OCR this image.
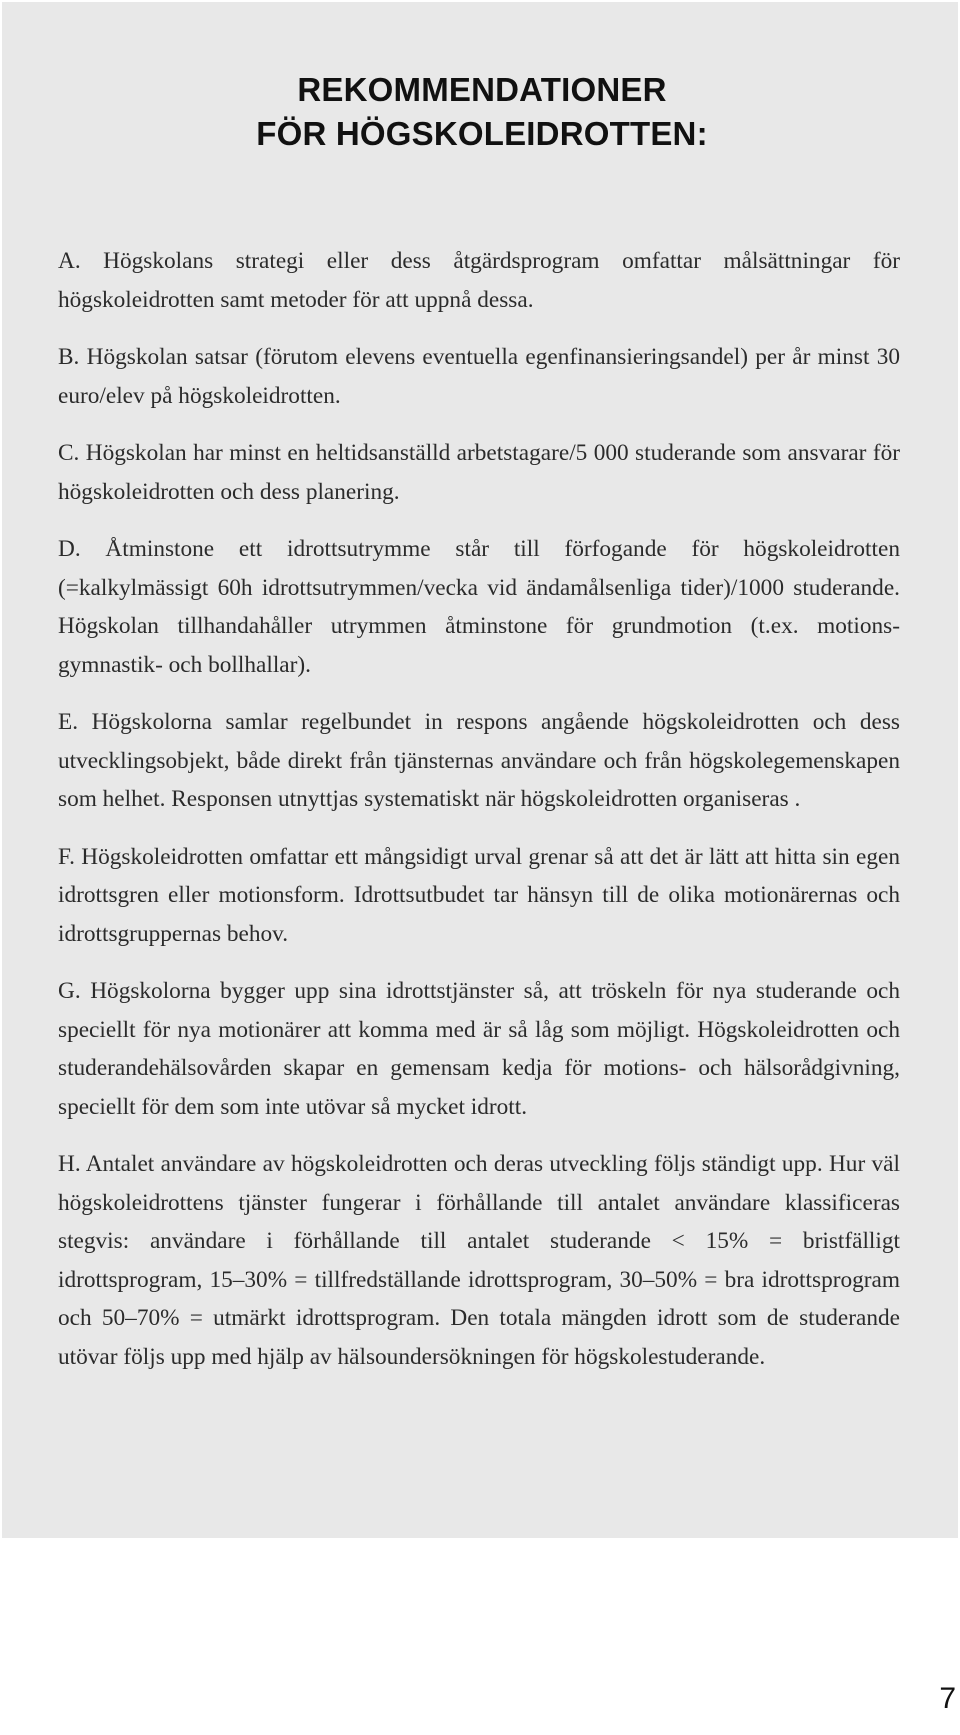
REKOMMENDATIONER
FÖR HÖGSKOLEIDROTTEN:

A. Högskolans strategi eller dess åtgärdsprogram omfattar målsättningar för högskoleidrotten samt metoder för att uppnå dessa.

B. Högskolan satsar (förutom elevens eventuella egenfinansieringsandel) per år minst 30 euro/elev på högskoleidrotten.

C. Högskolan har minst en heltidsanställd arbetstagare/5 000 studerande som ansvarar för högskoleidrotten och dess planering.

D. Åtminstone ett idrottsutrymme står till förfogande för högskoleidrotten (=kalkylmässigt 60h idrottsutrymmen/vecka vid ändamålsenliga tider)/1000 studerande. Högskolan tillhandahåller utrymmen åtminstone för grundmotion (t.ex. motions- gymnastik- och bollhallar).

E. Högskolorna samlar regelbundet in respons angående högskoleidrotten och dess utvecklingsobjekt, både direkt från tjänsternas användare och från högskolegemenskapen som helhet. Responsen utnyttjas systematiskt när högskoleidrotten organiseras .

F. Högskoleidrotten omfattar ett mångsidigt urval grenar så att det är lätt att hitta sin egen idrottsgren eller motionsform. Idrottsutbudet tar hänsyn till de olika motionärernas och idrottsgruppernas behov.

G. Högskolorna bygger upp sina idrottstjänster så, att tröskeln för nya studerande och speciellt för nya motionärer att komma med är så låg som möjligt. Högskoleidrotten och studerandehälsovården skapar en gemensam kedja för motions- och hälsorådgivning, speciellt för dem som inte utövar så mycket idrott.

H. Antalet användare av högskoleidrotten och deras utveckling följs ständigt upp. Hur väl högskoleidrottens tjänster fungerar i förhållande till antalet användare klassificeras stegvis: användare i förhållande till antalet studerande < 15% = bristfälligt idrottsprogram, 15–30% = tillfredställande idrottsprogram, 30–50% = bra idrottsprogram och 50–70% = utmärkt idrottsprogram. Den totala mängden idrott som de studerande utövar följs upp med hjälp av hälsoundersökningen för högskolestuderande.

7
